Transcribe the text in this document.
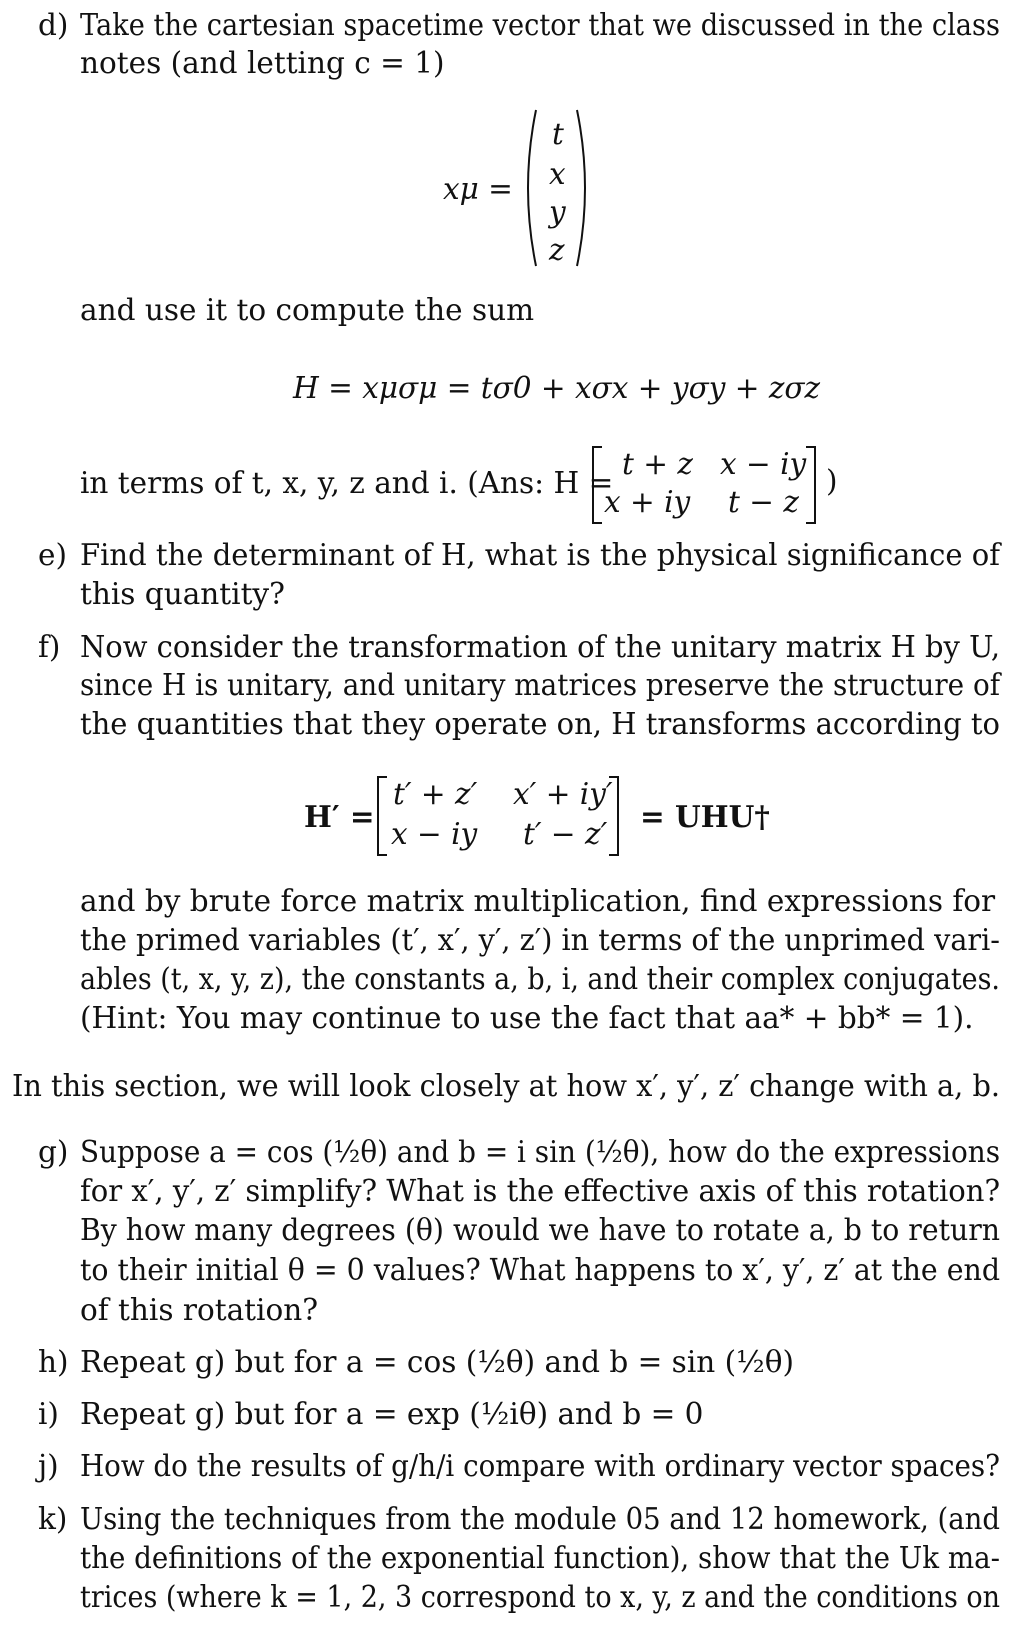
d) Take the cartesian spacetime vector that we discussed in the class
notes (and letting c = 1)
xμ =
t
x
y
z
and use it to compute the sum
H = xμσμ = tσ0 + xσx + yσy + zσz
in terms of t, x, y, z and i. (Ans: H =
t + z x − iy
x + iy t − z
)
e) Find the determinant of H, what is the physical significance of
this quantity?
f) Now consider the transformation of the unitary matrix H by U,
since H is unitary, and unitary matrices preserve the structure of
the quantities that they operate on, H transforms according to
H′ =
t′ + z′ x′ + iy′
x − iy t′ − z′ = UHU†
and by brute force matrix multiplication, find expressions for
the primed variables (t′, x′, y′, z′) in terms of the unprimed vari-
ables (t, x, y, z), the constants a, b, i, and their complex conjugates.
(Hint: You may continue to use the fact that aa* + bb* = 1).
In this section, we will look closely at how x′, y′, z′ change with a, b.
g) Suppose a = cos (½θ) and b = i sin (½θ), how do the expressions
for x′, y′, z′ simplify? What is the effective axis of this rotation?
By how many degrees (θ) would we have to rotate a, b to return
to their initial θ = 0 values? What happens to x′, y′, z′ at the end
of this rotation?
h) Repeat g) but for a = cos (½θ) and b = sin (½θ)
i) Repeat g) but for a = exp (½iθ) and b = 0
j) How do the results of g/h/i compare with ordinary vector spaces?
k) Using the techniques from the module 05 and 12 homework, (and
the definitions of the exponential function), show that the Uk ma-
trices (where k = 1, 2, 3 correspond to x, y, z and the conditions on
